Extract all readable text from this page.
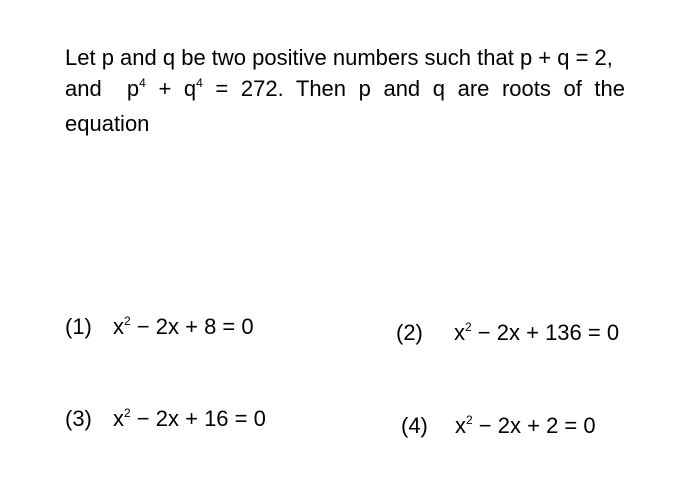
Let p and q be two positive numbers such that p + q = 2,
and $p^4 + q^4 = 272$. Then p and q are roots of the
equation
(1) $x^2 - 2x + 8 = 0$	(2) $x^2 - 2x + 136 = 0$
(3) $x^2 - 2x + 16 = 0$	(4) $x^2 - 2x + 2 = 0$
